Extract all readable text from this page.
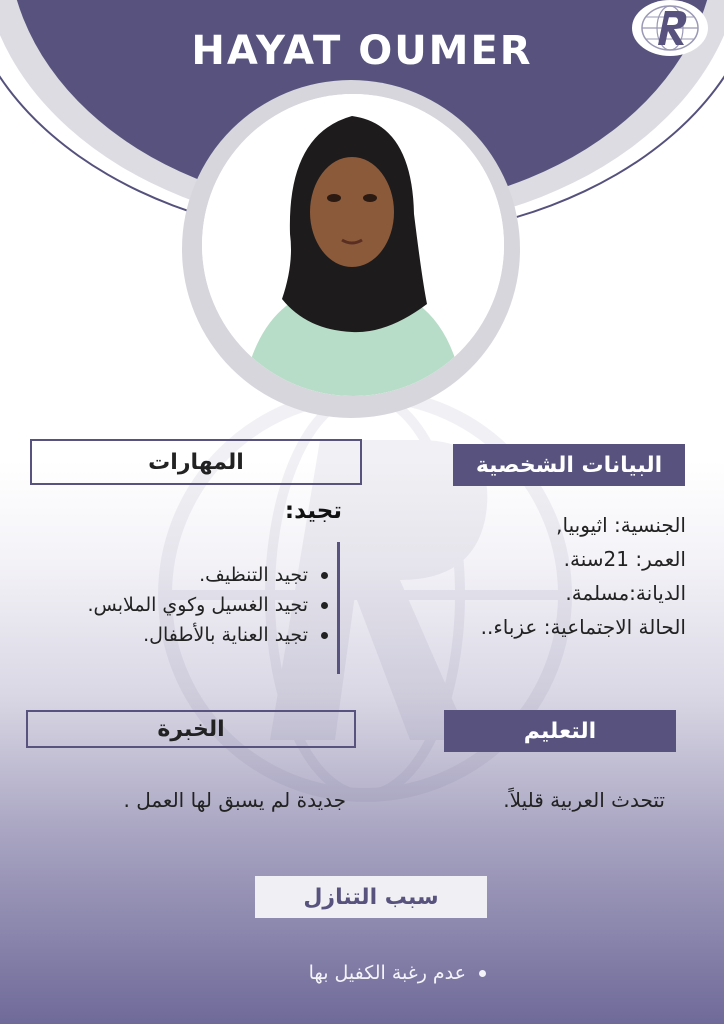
HAYAT OUMER
البيانات الشخصية
الجنسية: اثيوبيا,
العمر: 21سنة.
الديانة:مسلمة.
الحالة الاجتماعية: عزباء..
المهارات
تجيد:
تجيد التنظيف.
تجيد الغسيل وكوي الملابس.
تجيد العناية بالأطفال.
التعليم
تتحدث العربية قليلاً.
الخبرة
جديدة لم يسبق لها العمل .
سبب التنازل
عدم رغبة الكفيل بها
